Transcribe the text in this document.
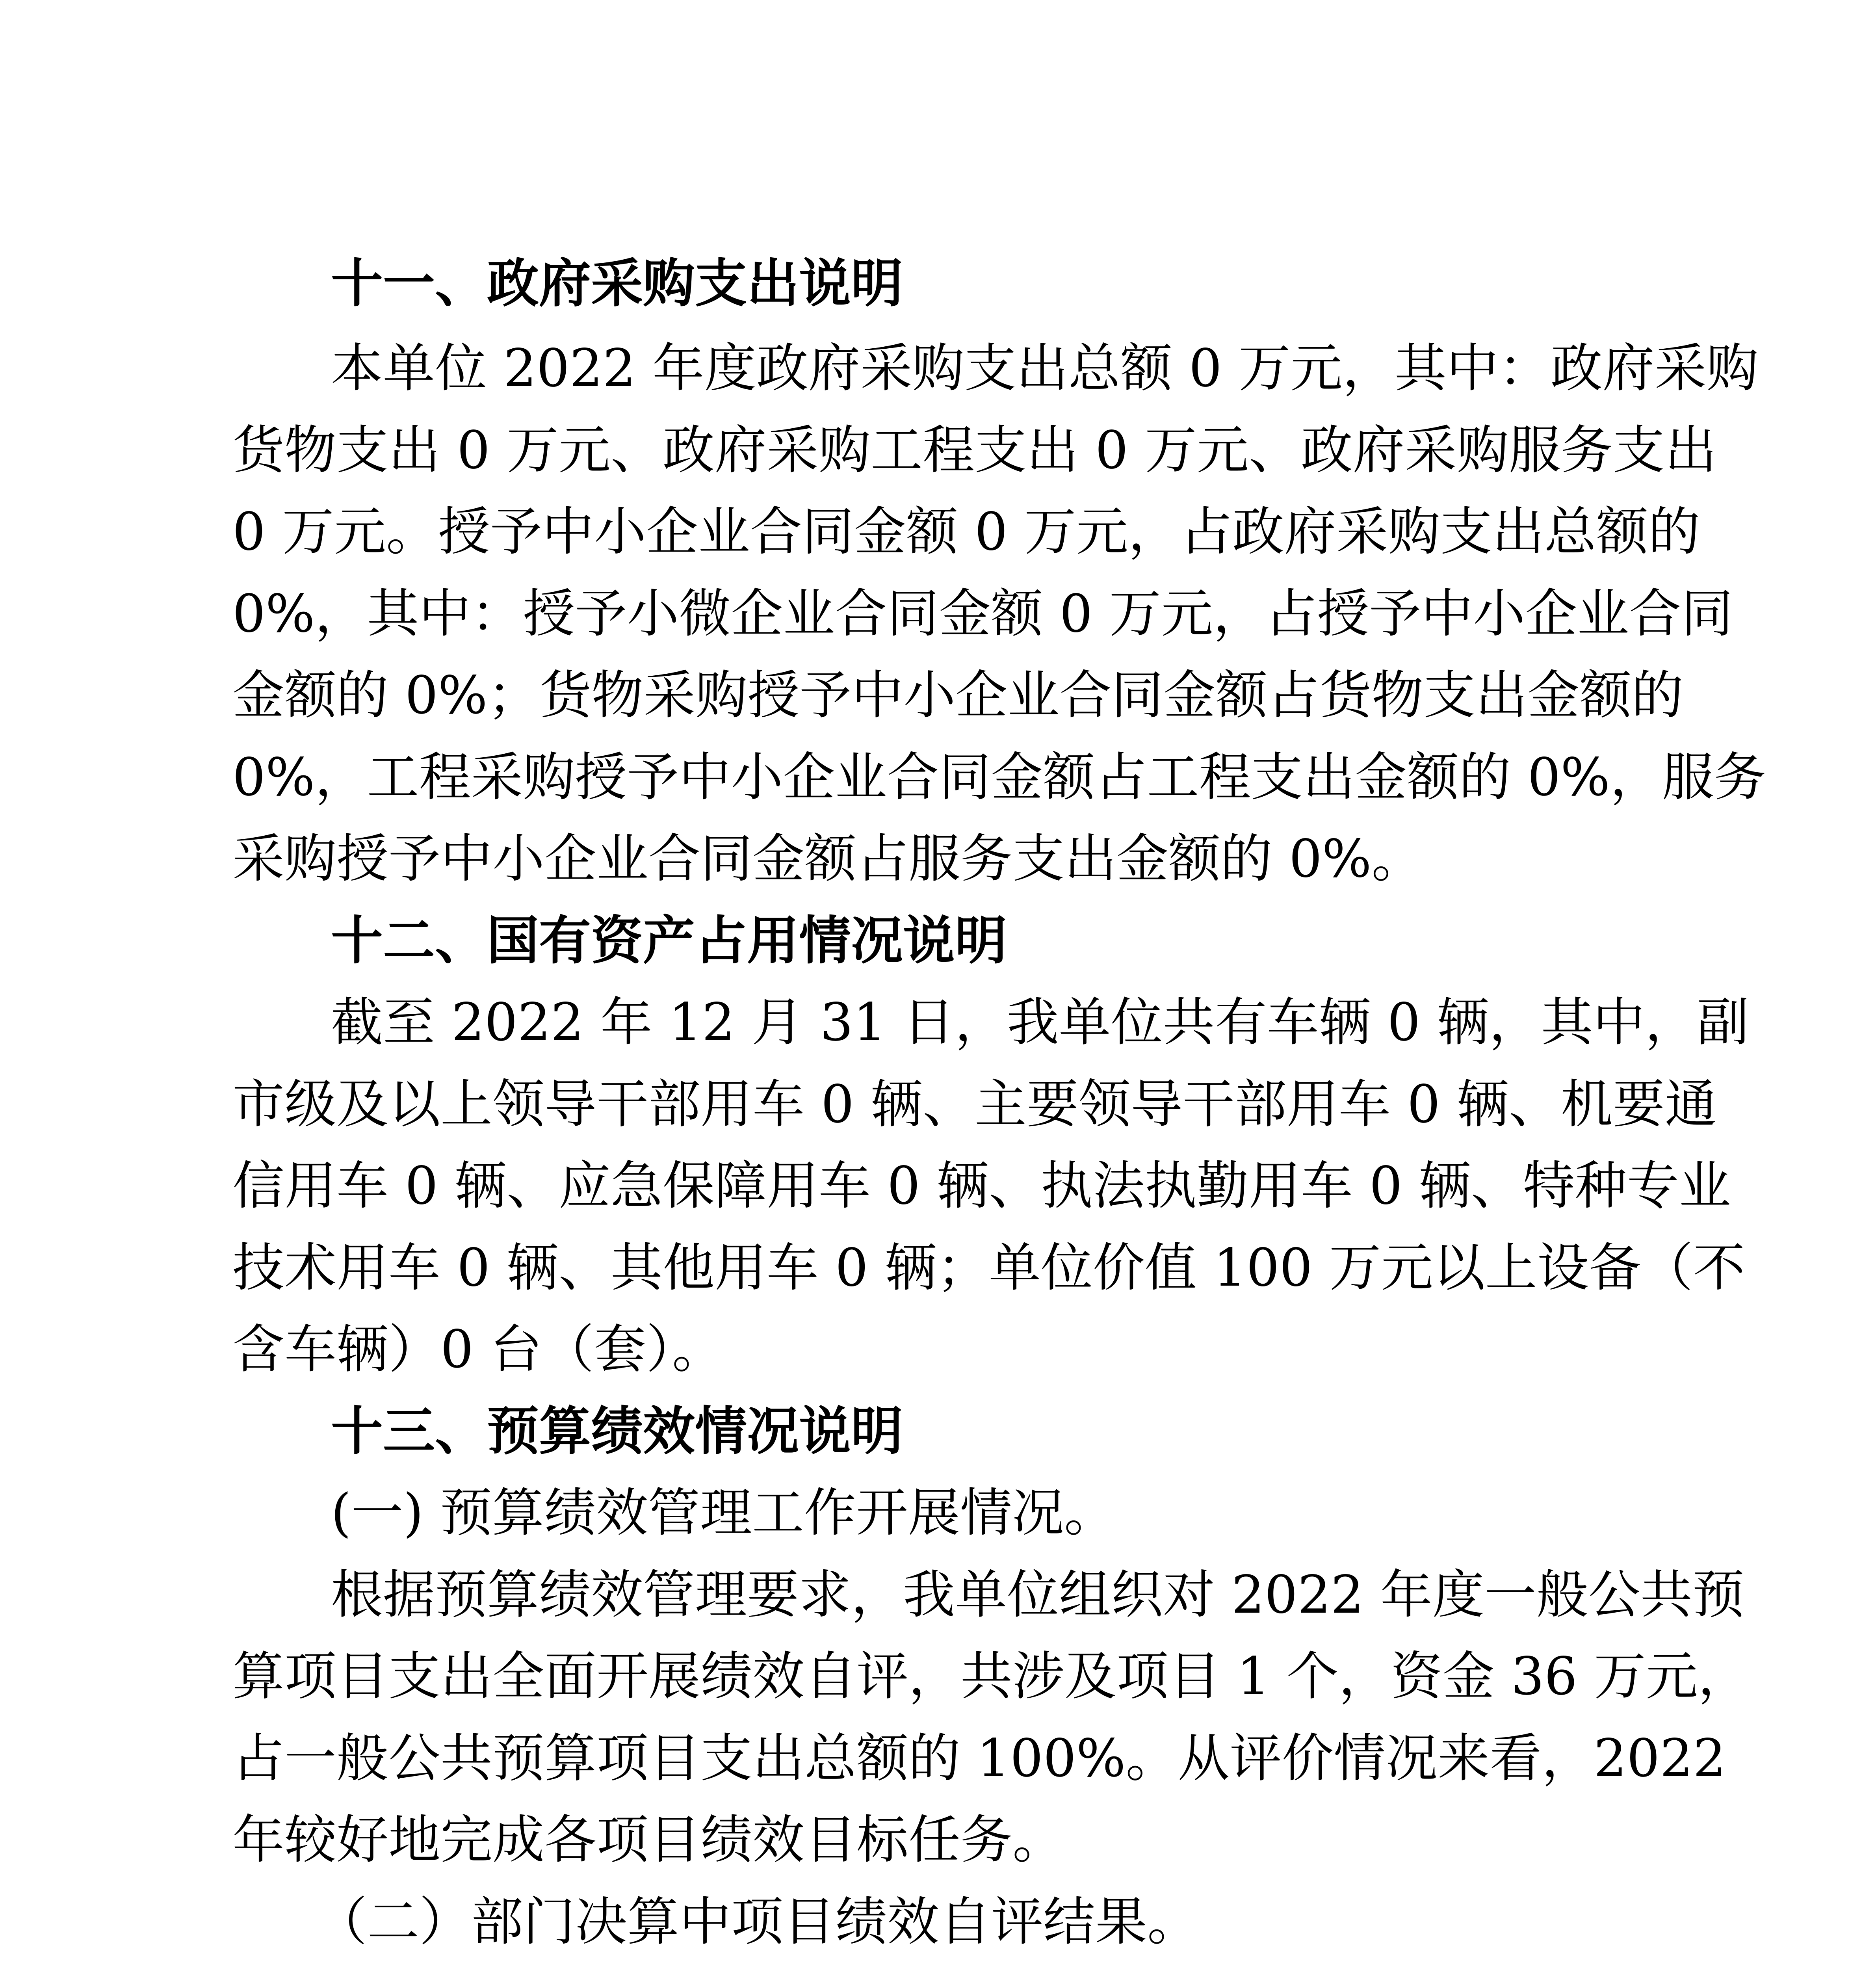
十一、政府采购支出说明
本单位 2022 年度政府采购支出总额 0 万元，其中：政府采购
货物支出 0 万元、政府采购工程支出 0 万元、政府采购服务支出
0 万元。授予中小企业合同金额 0 万元，占政府采购支出总额的
0%，其中：授予小微企业合同金额 0 万元，占授予中小企业合同
金额的 0%；货物采购授予中小企业合同金额占货物支出金额的
0%，工程采购授予中小企业合同金额占工程支出金额的 0%，服务
采购授予中小企业合同金额占服务支出金额的 0%。
十二、国有资产占用情况说明
截至 2022 年 12 月 31 日，我单位共有车辆 0 辆，其中，副
市级及以上领导干部用车 0 辆、主要领导干部用车 0 辆、机要通
信用车 0 辆、应急保障用车 0 辆、执法执勤用车 0 辆、特种专业
技术用车 0 辆、其他用车 0 辆；单位价值 100 万元以上设备（不
含车辆）0 台（套）。
十三、预算绩效情况说明
(一) 预算绩效管理工作开展情况。
根据预算绩效管理要求，我单位组织对 2022 年度一般公共预
算项目支出全面开展绩效自评，共涉及项目 1 个，资金 36 万元，
占一般公共预算项目支出总额的 100%。从评价情况来看，2022
年较好地完成各项目绩效目标任务。
（二）部门决算中项目绩效自评结果。
